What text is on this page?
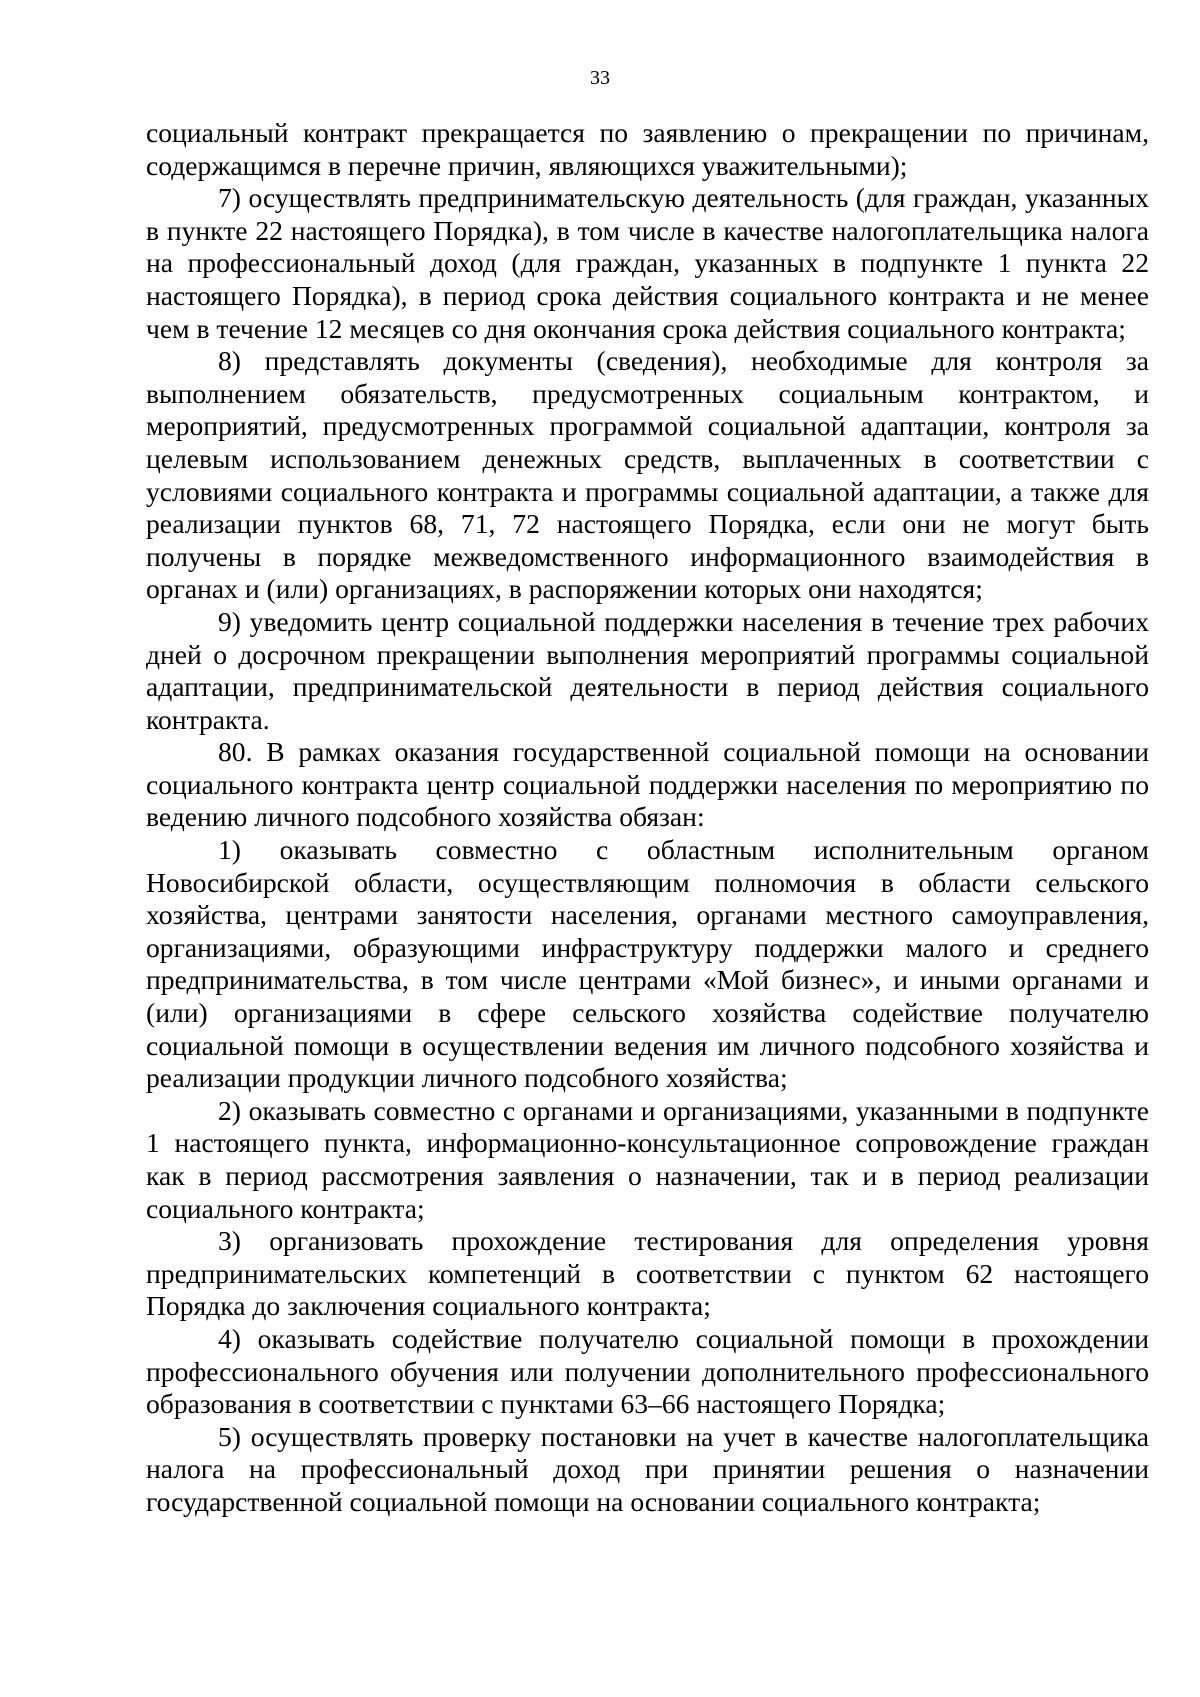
33

социальный контракт прекращается по заявлению о прекращении по причинам, содержащимся в перечне причин, являющихся уважительными);

7) осуществлять предпринимательскую деятельность (для граждан, указанных в пункте 22 настоящего Порядка), в том числе в качестве налогоплательщика налога на профессиональный доход (для граждан, указанных в подпункте 1 пункта 22 настоящего Порядка), в период срока действия социального контракта и не менее чем в течение 12 месяцев со дня окончания срока действия социального контракта;

8) представлять документы (сведения), необходимые для контроля за выполнением обязательств, предусмотренных социальным контрактом, и мероприятий, предусмотренных программой социальной адаптации, контроля за целевым использованием денежных средств, выплаченных в соответствии с условиями социального контракта и программы социальной адаптации, а также для реализации пунктов 68, 71, 72 настоящего Порядка, если они не могут быть получены в порядке межведомственного информационного взаимодействия в органах и (или) организациях, в распоряжении которых они находятся;

9) уведомить центр социальной поддержки населения в течение трех рабочих дней о досрочном прекращении выполнения мероприятий программы социальной адаптации, предпринимательской деятельности в период действия социального контракта.

80. В рамках оказания государственной социальной помощи на основании социального контракта центр социальной поддержки населения по мероприятию по ведению личного подсобного хозяйства обязан:

1) оказывать совместно с областным исполнительным органом Новосибирской области, осуществляющим полномочия в области сельского хозяйства, центрами занятости населения, органами местного самоуправления, организациями, образующими инфраструктуру поддержки малого и среднего предпринимательства, в том числе центрами «Мой бизнес», и иными органами и (или) организациями в сфере сельского хозяйства содействие получателю социальной помощи в осуществлении ведения им личного подсобного хозяйства и реализации продукции личного подсобного хозяйства;

2) оказывать совместно с органами и организациями, указанными в подпункте 1 настоящего пункта, информационно-консультационное сопровождение граждан как в период рассмотрения заявления о назначении, так и в период реализации социального контракта;

3) организовать прохождение тестирования для определения уровня предпринимательских компетенций в соответствии с пунктом 62 настоящего Порядка до заключения социального контракта;

4) оказывать содействие получателю социальной помощи в прохождении профессионального обучения или получении дополнительного профессионального образования в соответствии с пунктами 63–66 настоящего Порядка;

5) осуществлять проверку постановки на учет в качестве налогоплательщика налога на профессиональный доход при принятии решения о назначении государственной социальной помощи на основании социального контракта;
